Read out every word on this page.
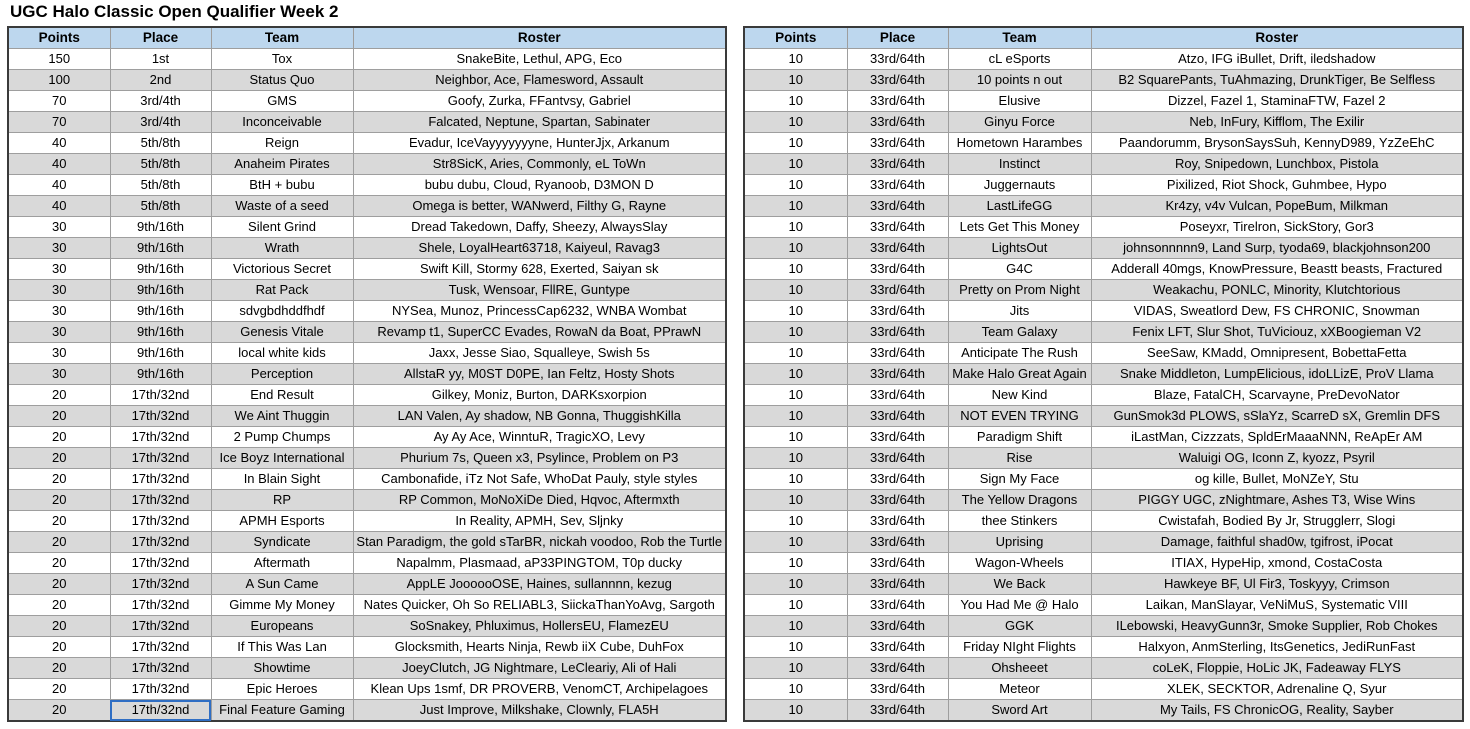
UGC Halo Classic Open Qualifier Week 2
Points	Place	Team	Roster
150	1st	Tox	SnakeBite, Lethul, APG, Eco
100	2nd	Status Quo	Neighbor, Ace, Flamesword, Assault
70	3rd/4th	GMS	Goofy, Zurka, FFantvsy, Gabriel
70	3rd/4th	Inconceivable	Falcated, Neptune, Spartan, Sabinater
40	5th/8th	Reign	Evadur, IceVayyyyyyyne, HunterJjx, Arkanum
40	5th/8th	Anaheim Pirates	Str8SicK, Aries, Commonly, eL ToWn
40	5th/8th	BtH + bubu	bubu dubu, Cloud, Ryanoob, D3MON D
40	5th/8th	Waste of a seed	Omega is better, WANwerd, Filthy G, Rayne
30	9th/16th	Silent Grind	Dread Takedown, Daffy, Sheezy, AlwaysSlay
30	9th/16th	Wrath	Shele, LoyalHeart63718, Kaiyeul, Ravag3
30	9th/16th	Victorious Secret	Swift Kill, Stormy 628, Exerted, Saiyan sk
30	9th/16th	Rat Pack	Tusk, Wensoar, FllRE, Guntype
30	9th/16th	sdvgbdhddfhdf	NYSea, Munoz, PrincessCap6232, WNBA Wombat
30	9th/16th	Genesis Vitale	Revamp t1, SuperCC Evades, RowaN da Boat, PPrawN
30	9th/16th	local white kids	Jaxx, Jesse Siao, Squalleye, Swish 5s
30	9th/16th	Perception	AllstaR yy, M0ST D0PE, Ian Feltz, Hosty Shots
20	17th/32nd	End Result	Gilkey, Moniz, Burton, DARKsxorpion
20	17th/32nd	We Aint Thuggin	LAN Valen, Ay shadow, NB Gonna, ThuggishKilla
20	17th/32nd	2 Pump Chumps	Ay Ay Ace, WinntuR, TragicXO, Levy
20	17th/32nd	Ice Boyz International	Phurium 7s, Queen x3, Psylince, Problem on P3
20	17th/32nd	In Blain Sight	Cambonafide, iTz Not Safe, WhoDat Pauly, style styles
20	17th/32nd	RP	RP Common, MoNoXiDe Died, Hqvoc, Aftermxth
20	17th/32nd	APMH Esports	In Reality, APMH, Sev, Sljnky
20	17th/32nd	Syndicate	Stan Paradigm, the gold sTarBR, nickah voodoo, Rob the Turtle
20	17th/32nd	Aftermath	Napalmm, Plasmaad, aP33PINGTOM, T0p ducky
20	17th/32nd	A Sun Came	AppLE JoooooOSE, Haines, sullannnn, kezug
20	17th/32nd	Gimme My Money	Nates Quicker, Oh So RELIABL3, SiickaThanYoAvg, Sargoth
20	17th/32nd	Europeans	SoSnakey, Phluximus, HollersEU, FlamezEU
20	17th/32nd	If This Was Lan	Glocksmith, Hearts Ninja, Rewb iiX Cube, DuhFox
20	17th/32nd	Showtime	JoeyClutch, JG Nightmare, LeCleariy, Ali of Hali
20	17th/32nd	Epic Heroes	Klean Ups 1smf, DR PROVERB, VenomCT, Archipelagoes
20	17th/32nd	Final Feature Gaming	Just Improve, Milkshake, Clownly, FLA5H
Points	Place	Team	Roster
10	33rd/64th	cL eSports	Atzo, IFG iBullet, Drift, iledshadow
10	33rd/64th	10 points n out	B2 SquarePants, TuAhmazing, DrunkTiger, Be Selfless
10	33rd/64th	Elusive	Dizzel, Fazel 1, StaminaFTW, Fazel 2
10	33rd/64th	Ginyu Force	Neb, InFury, Kifflom, The Exilir
10	33rd/64th	Hometown Harambes	Paandorumm, BrysonSaysSuh, KennyD989, YzZeEhC
10	33rd/64th	Instinct	Roy, Snipedown, Lunchbox, Pistola
10	33rd/64th	Juggernauts	Pixilized, Riot Shock, Guhmbee, Hypo
10	33rd/64th	LastLifeGG	Kr4zy, v4v Vulcan, PopeBum, Milkman
10	33rd/64th	Lets Get This Money	Poseyxr, Tirelron, SickStory, Gor3
10	33rd/64th	LightsOut	johnsonnnnn9, Land Surp, tyoda69, blackjohnson200
10	33rd/64th	G4C	Adderall 40mgs, KnowPressure, Beastt beasts, Fractured
10	33rd/64th	Pretty on Prom Night	Weakachu, PONLC, Minority, Klutchtorious
10	33rd/64th	Jits	VIDAS, Sweatlord Dew, FS CHRONIC, Snowman
10	33rd/64th	Team Galaxy	Fenix LFT, Slur Shot, TuViciouz, xXBoogieman V2
10	33rd/64th	Anticipate The Rush	SeeSaw, KMadd, Omnipresent, BobettaFetta
10	33rd/64th	Make Halo Great Again	Snake Middleton, LumpElicious, idoLLizE, ProV Llama
10	33rd/64th	New Kind	Blaze, FatalCH, Scarvayne, PreDevoNator
10	33rd/64th	NOT EVEN TRYING	GunSmok3d PLOWS, sSlaYz, ScarreD sX, Gremlin DFS
10	33rd/64th	Paradigm Shift	iLastMan, Cizzzats, SpldErMaaaNNN, ReApEr AM
10	33rd/64th	Rise	Waluigi OG, Iconn Z, kyozz, Psyril
10	33rd/64th	Sign My Face	og kille, Bullet, MoNZeY, Stu
10	33rd/64th	The Yellow Dragons	PIGGY UGC, zNightmare, Ashes T3, Wise Wins
10	33rd/64th	thee Stinkers	Cwistafah, Bodied By Jr, Strugglerr, Slogi
10	33rd/64th	Uprising	Damage, faithful shad0w, tgifrost, iPocat
10	33rd/64th	Wagon-Wheels	ITIAX, HypeHip, xmond, CostaCosta
10	33rd/64th	We Back	Hawkeye BF, Ul Fir3, Toskyyy, Crimson
10	33rd/64th	You Had Me @ Halo	Laikan, ManSlayar, VeNiMuS, Systematic VIII
10	33rd/64th	GGK	ILebowski, HeavyGunn3r, Smoke Supplier, Rob Chokes
10	33rd/64th	Friday NIght Flights	Halxyon, AnmSterling, ItsGenetics, JediRunFast
10	33rd/64th	Ohsheeet	coLeK, Floppie, HoLic JK, Fadeaway FLYS
10	33rd/64th	Meteor	XLEK, SECKTOR, Adrenaline Q, Syur
10	33rd/64th	Sword Art	My Tails, FS ChronicOG, Reality, Sayber
